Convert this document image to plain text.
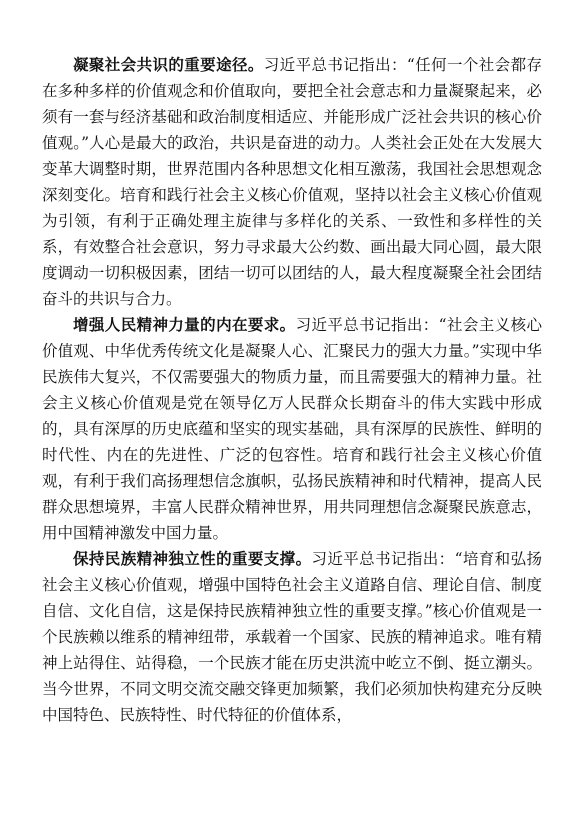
凝聚社会共识的重要途径。习近平总书记指出：“任何一个社会都存在多种多样的价值观念和价值取向，要把全社会意志和力量凝聚起来，必须有一套与经济基础和政治制度相适应、并能形成广泛社会共识的核心价值观。”人心是最大的政治，共识是奋进的动力。人类社会正处在大发展大变革大调整时期，世界范围内各种思想文化相互激荡，我国社会思想观念深刻变化。培育和践行社会主义核心价值观，坚持以社会主义核心价值观为引领，有利于正确处理主旋律与多样化的关系、一致性和多样性的关系，有效整合社会意识，努力寻求最大公约数、画出最大同心圆，最大限度调动一切积极因素，团结一切可以团结的人，最大程度凝聚全社会团结奋斗的共识与合力。

增强人民精神力量的内在要求。习近平总书记指出：“社会主义核心价值观、中华优秀传统文化是凝聚人心、汇聚民力的强大力量。”实现中华民族伟大复兴，不仅需要强大的物质力量，而且需要强大的精神力量。社会主义核心价值观是党在领导亿万人民群众长期奋斗的伟大实践中形成的，具有深厚的历史底蕴和坚实的现实基础，具有深厚的民族性、鲜明的时代性、内在的先进性、广泛的包容性。培育和践行社会主义核心价值观，有利于我们高扬理想信念旗帜，弘扬民族精神和时代精神，提高人民群众思想境界，丰富人民群众精神世界，用共同理想信念凝聚民族意志，用中国精神激发中国力量。

保持民族精神独立性的重要支撑。习近平总书记指出：“培育和弘扬社会主义核心价值观，增强中国特色社会主义道路自信、理论自信、制度自信、文化自信，这是保持民族精神独立性的重要支撑。”核心价值观是一个民族赖以维系的精神纽带，承载着一个国家、民族的精神追求。唯有精神上站得住、站得稳，一个民族才能在历史洪流中屹立不倒、挺立潮头。当今世界，不同文明交流交融交锋更加频繁，我们必须加快构建充分反映中国特色、民族特性、时代特征的价值体系，
